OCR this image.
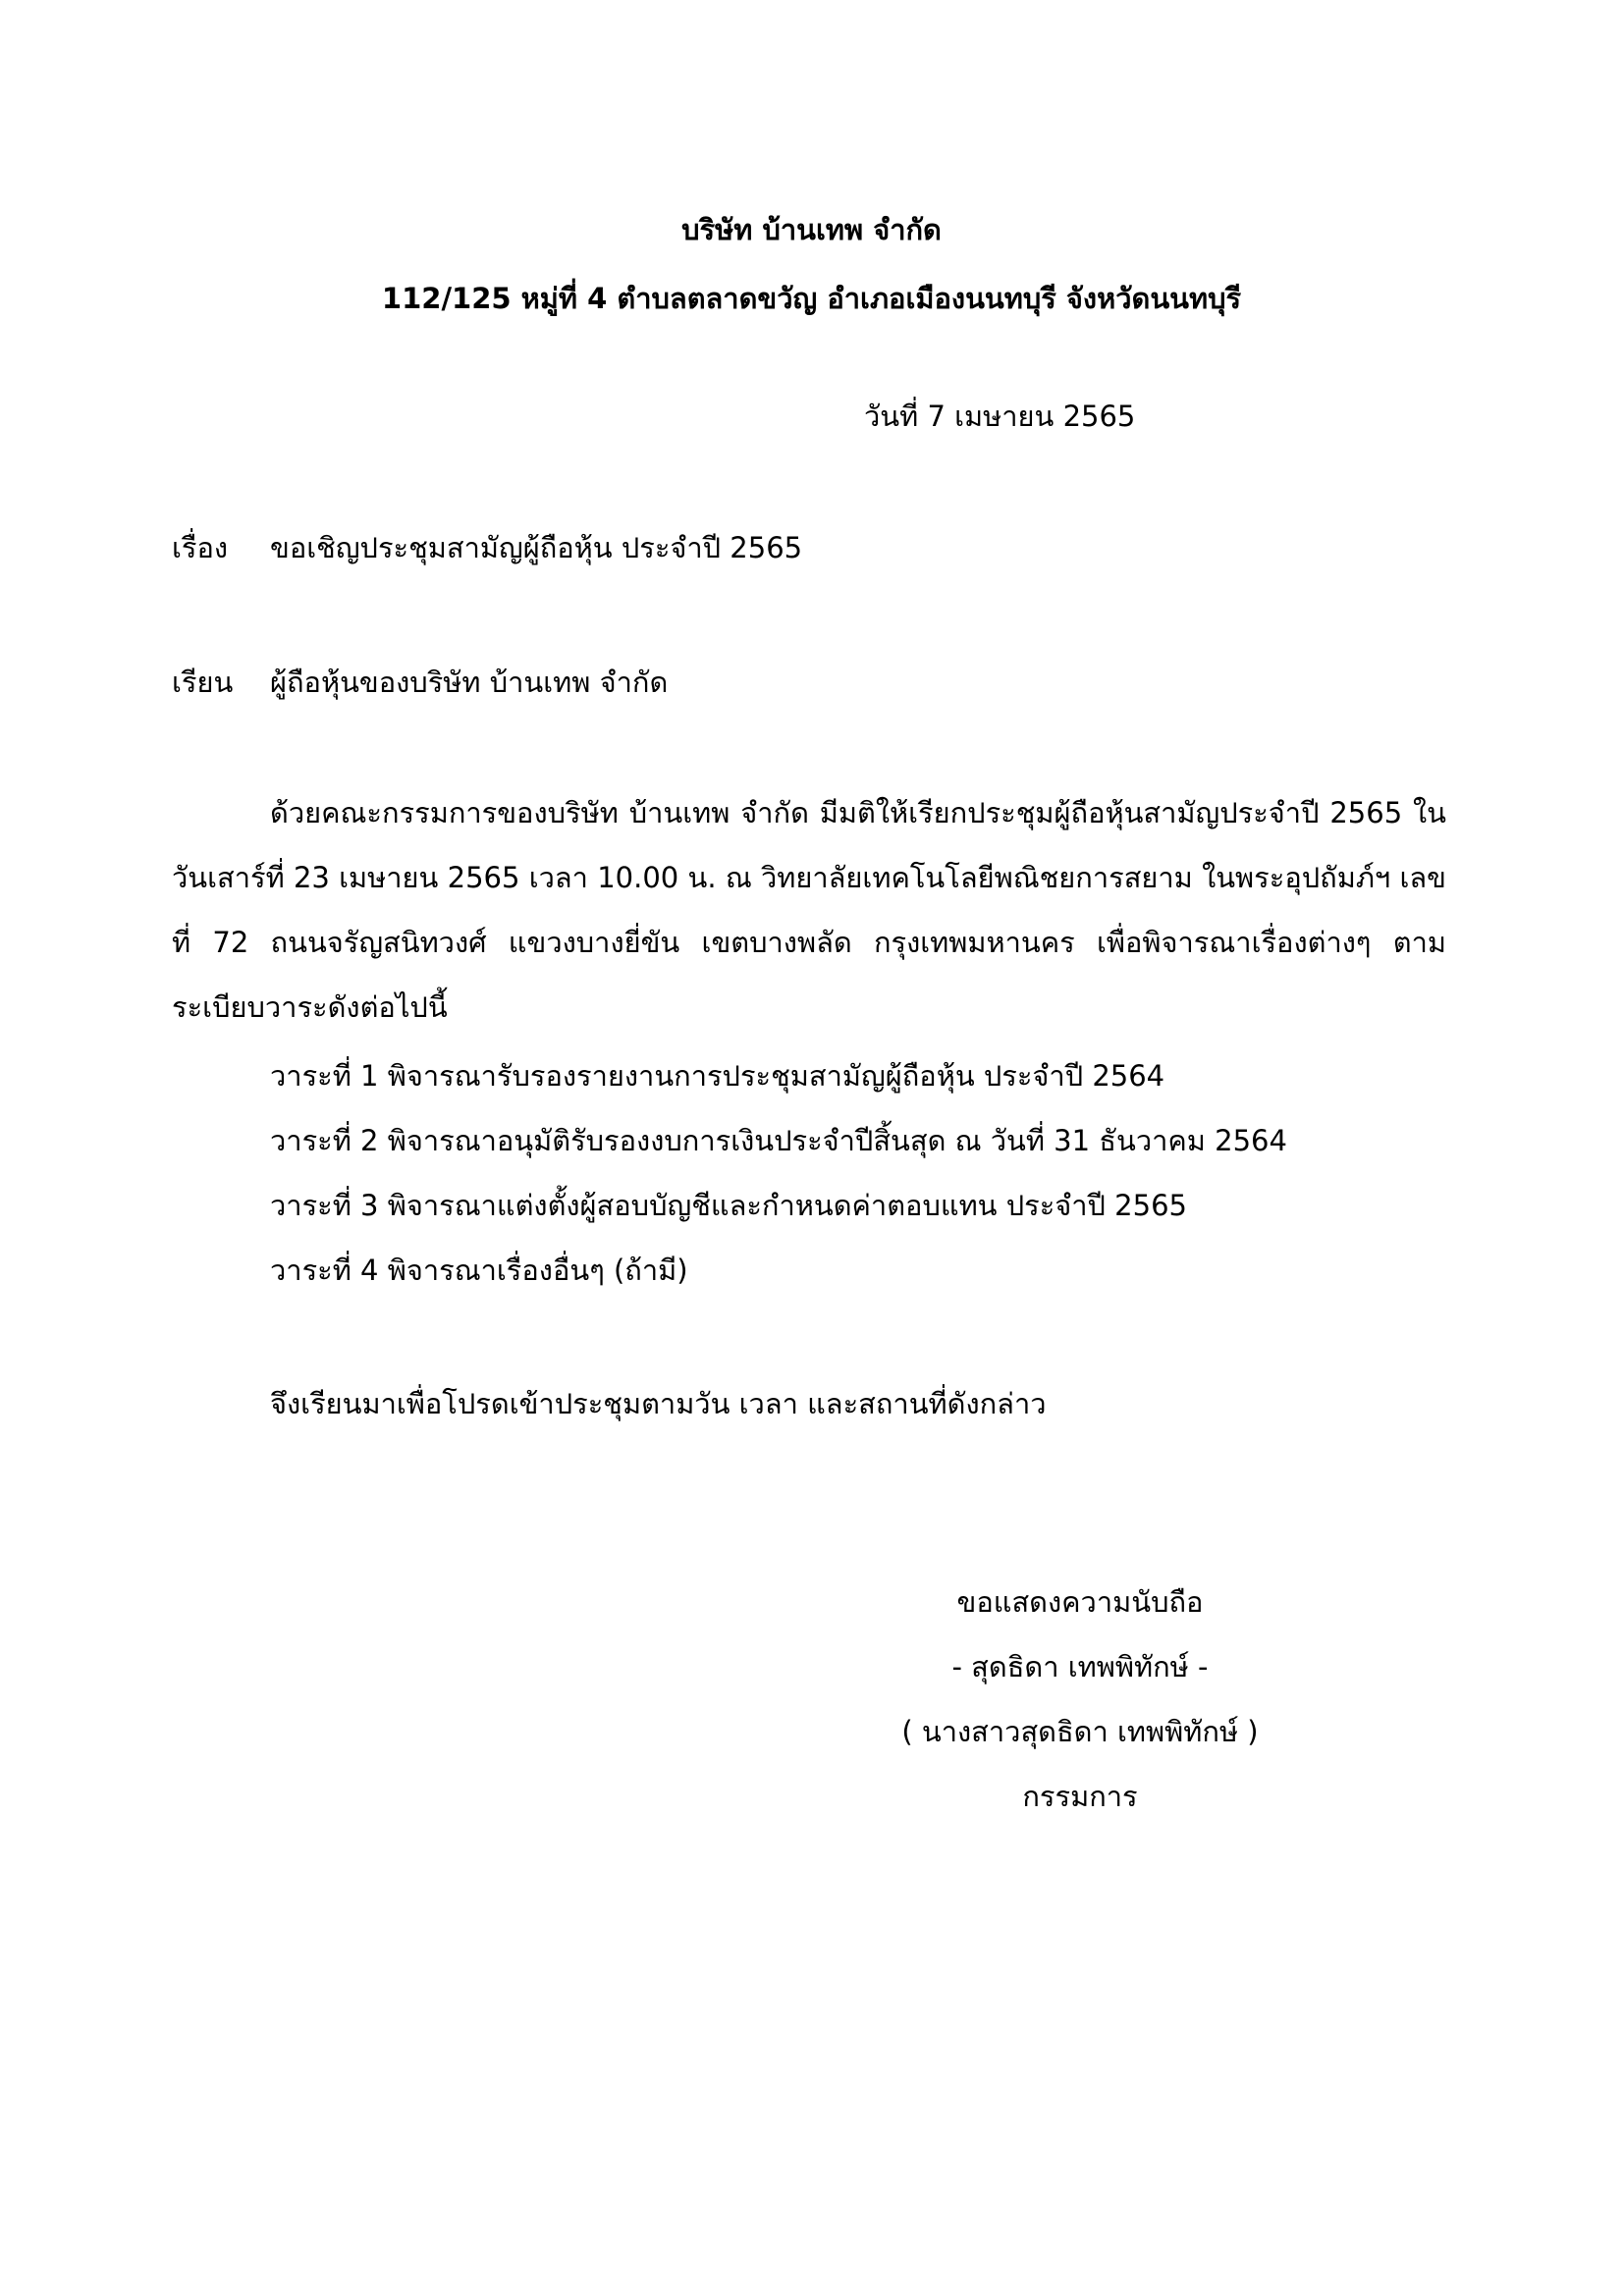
บริษัท บ้านเทพ จำกัด
112/125 หมู่ที่ 4 ตำบลตลาดขวัญ อำเภอเมืองนนทบุรี จังหวัดนนทบุรี
วันที่ 7 เมษายน 2565
เรื่อง ขอเชิญประชุมสามัญผู้ถือหุ้น ประจำปี 2565
เรียน ผู้ถือหุ้นของบริษัท บ้านเทพ จำกัด
ด้วยคณะกรรมการของบริษัท บ้านเทพ จำกัด มีมติให้เรียกประชุมผู้ถือหุ้นสามัญประจำปี 2565 ในวันเสาร์ที่ 23 เมษายน 2565 เวลา 10.00 น. ณ วิทยาลัยเทคโนโลยีพณิชยการสยาม ในพระอุปถัมภ์ฯ เลขที่ 72 ถนนจรัญสนิทวงศ์ แขวงบางยี่ขัน เขตบางพลัด กรุงเทพมหานคร เพื่อพิจารณาเรื่องต่างๆ ตามระเบียบวาระดังต่อไปนี้
วาระที่ 1 พิจารณารับรองรายงานการประชุมสามัญผู้ถือหุ้น ประจำปี 2564
วาระที่ 2 พิจารณาอนุมัติรับรองงบการเงินประจำปีสิ้นสุด ณ วันที่ 31 ธันวาคม 2564
วาระที่ 3 พิจารณาแต่งตั้งผู้สอบบัญชีและกำหนดค่าตอบแทน ประจำปี 2565
วาระที่ 4 พิจารณาเรื่องอื่นๆ (ถ้ามี)
จึงเรียนมาเพื่อโปรดเข้าประชุมตามวัน เวลา และสถานที่ดังกล่าว
ขอแสดงความนับถือ
- สุดธิดา เทพพิทักษ์ -
( นางสาวสุดธิดา เทพพิทักษ์ )
กรรมการ
